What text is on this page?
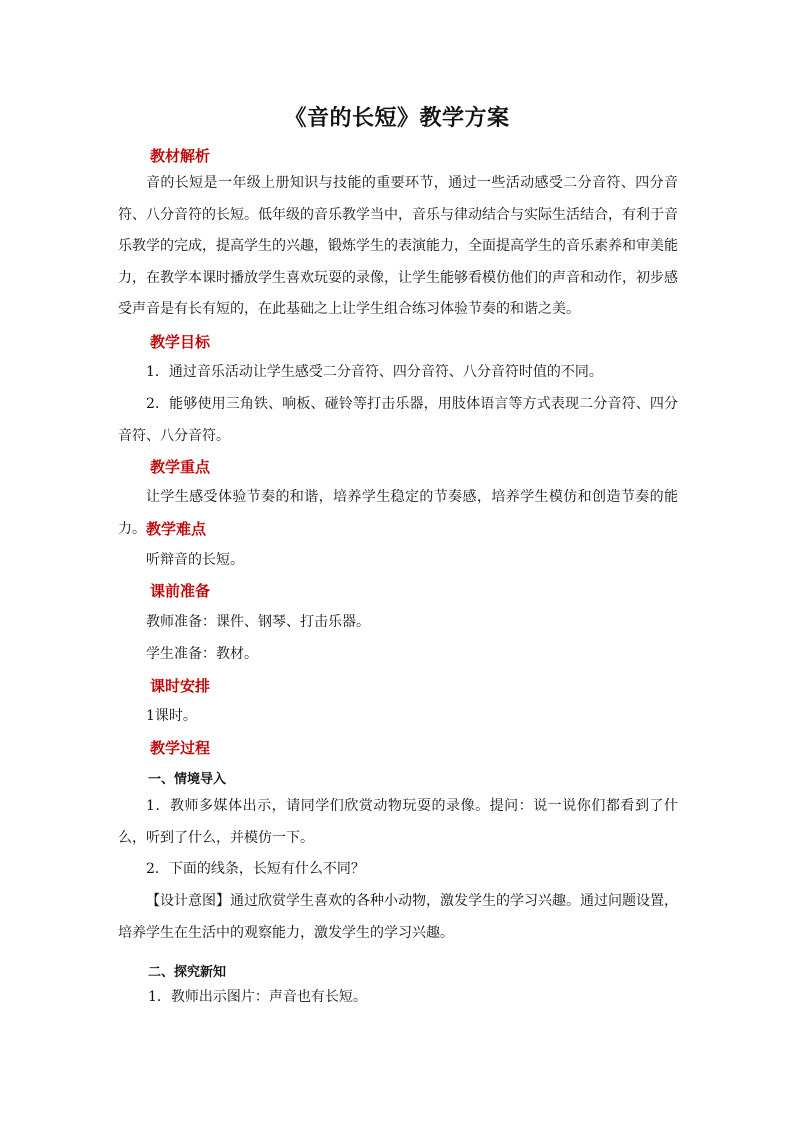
《音的长短》教学方案
教材解析

音的长短是一年级上册知识与技能的重要环节，通过一些活动感受二分音符、四分音符、八分音符的长短。低年级的音乐教学当中，音乐与律动结合与实际生活结合，有利于音乐教学的完成，提高学生的兴趣，锻炼学生的表演能力，全面提高学生的音乐素养和审美能力，在教学本课时播放学生喜欢玩耍的录像，让学生能够看模仿他们的声音和动作，初步感受声音是有长有短的，在此基础之上让学生组合练习体验节奏的和谐之美。

教学目标

1．通过音乐活动让学生感受二分音符、四分音符、八分音符时值的不同。

2．能够使用三角铁、响板、碰铃等打击乐器，用肢体语言等方式表现二分音符、四分音符、八分音符。

教学重点

让学生感受体验节奏的和谐，培养学生稳定的节奏感，培养学生模仿和创造节奏的能力。 教学难点
听辩音的长短。
课前准备
教师准备：课件、钢琴、打击乐器。
学生准备：教材。
课时安排
1课时。
教学过程
一、情境导入

1．教师多媒体出示，请同学们欣赏动物玩耍的录像。提问：说一说你们都看到了什么，听到了什么，并模仿一下。

2．下面的线条，长短有什么不同？

【设计意图】通过欣赏学生喜欢的各种小动物，激发学生的学习兴趣。通过问题设置，培养学生在生活中的观察能力，激发学生的学习兴趣。

二、探究新知
1．教师出示图片：声音也有长短。
